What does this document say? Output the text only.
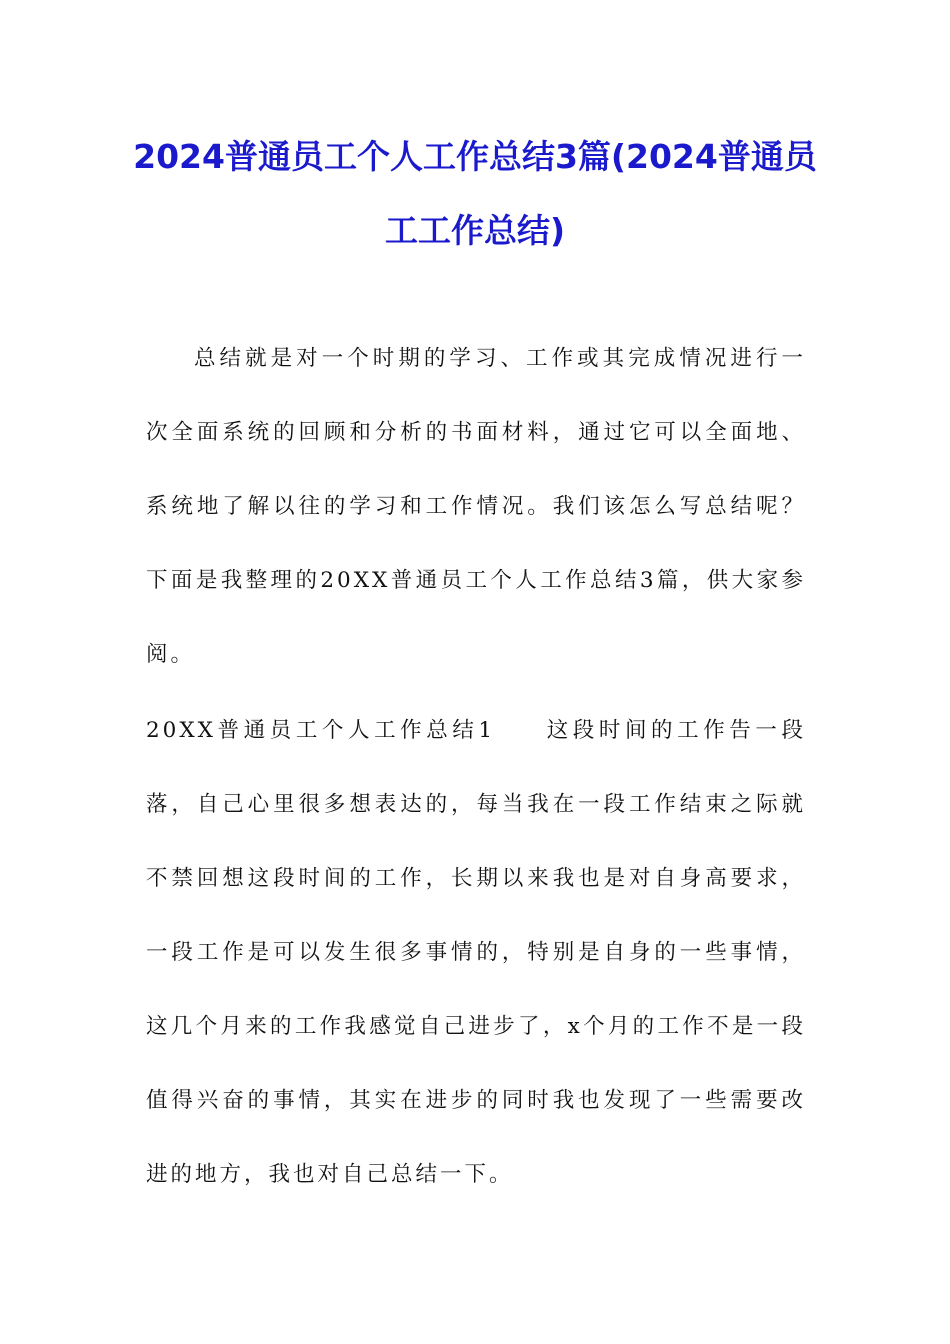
2024普通员工个人工作总结3篇(2024普通员工工作总结)

总结就是对一个时期的学习、工作或其完成情况进行一次全面系统的回顾和分析的书面材料，通过它可以全面地、系统地了解以往的学习和工作情况。我们该怎么写总结呢？下面是我整理的20XX普通员工个人工作总结3篇，供大家参阅。

20XX普通员工个人工作总结1 这段时间的工作告一段落，自己心里很多想表达的，每当我在一段工作结束之际就不禁回想这段时间的工作，长期以来我也是对自身高要求，一段工作是可以发生很多事情的，特别是自身的一些事情，这几个月来的工作我感觉自己进步了，x个月的工作不是一段值得兴奋的事情，其实在进步的同时我也发现了一些需要改进的地方，我也对自己总结一下。
